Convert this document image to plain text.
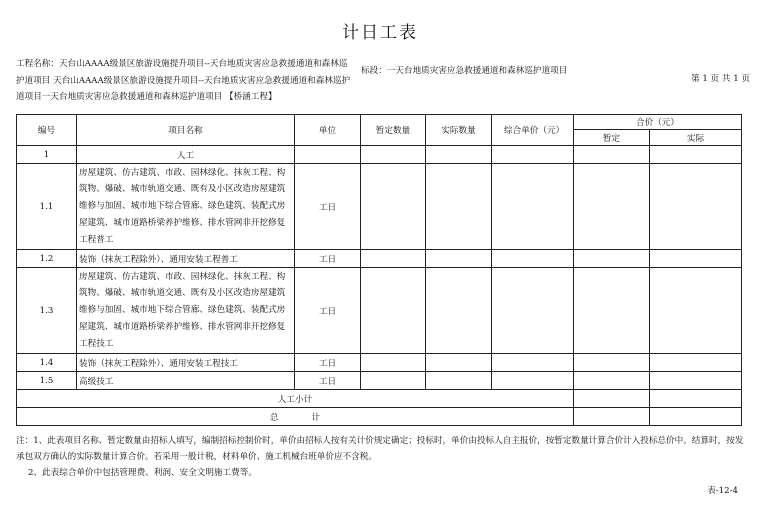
计日工表
工程名称：天台山AAAA级景区旅游设施提升项目--天台地质灾害应急救援通道和森林巡护道项目 天台山AAAA级景区旅游设施提升项目--天台地质灾害应急救援通道和森林巡护道项目一天台地质灾害应急救援通道和森林巡护道项目 【桥涵工程】
标段：一天台地质灾害应急救援通道和森林巡护道项目
第 1 页 共 1 页
编号	项目名称	单位	暂定数量	实际数量	综合单价（元）	合价（元）	
						暂定	实际
1	人工						
1.1	房屋建筑、仿古建筑、市政、园林绿化、抹灰工程、构筑物、爆破、城市轨道交通、既有及小区改造房屋建筑维修与加固、城市地下综合管廊、绿色建筑、装配式房屋建筑、城市道路桥梁养护维修、排水管网非开挖修复工程普工	工日					
1.2	装饰（抹灰工程除外）、通用安装工程普工	工日					
1.3	房屋建筑、仿古建筑、市政、园林绿化、抹灰工程、构筑物、爆破、城市轨道交通、既有及小区改造房屋建筑维修与加固、城市地下综合管廊、绿色建筑、装配式房屋建筑、城市道路桥梁养护维修、排水管网非开挖修复工程技工	工日					
1.4	装饰（抹灰工程除外）、通用安装工程技工	工日					
1.5	高级技工	工日					
人工小计							
总            计							
注：1、此表项目名称、暂定数量由招标人填写，编制招标控制价时，单价由招标人按有关计价规定确定；投标时，单价由投标人自主报价，按暂定数量计算合价计入投标总价中。结算时，按发承包双方确认的实际数量计算合价。若采用一般计税，材料单价、施工机械台班单价应不含税。
2、此表综合单价中包括管理费、利润、安全文明施工费等。
表-12-4
